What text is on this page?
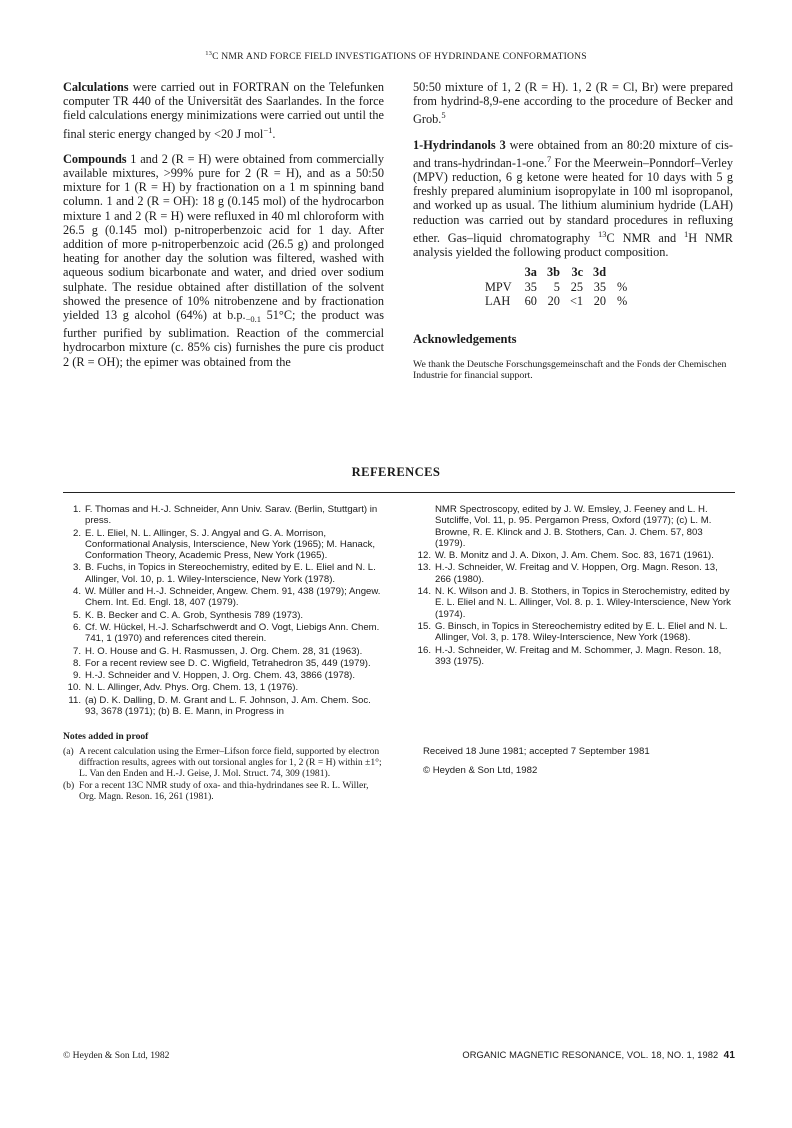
$^{13}$C NMR AND FORCE FIELD INVESTIGATIONS OF HYDRINDANE CONFORMATIONS

Calculations were carried out in FORTRAN on the Telefunken computer TR 440 of the Universität des Saarlandes. In the force field calculations energy minimizations were carried out until the final steric energy changed by <20 J mol$^{-1}$.

Compounds 1 and 2 (R = H) were obtained from commercially available mixtures, >99% pure for 2 (R = H), and as a 50:50 mixture for 1 (R = H) by fractionation on a 1 m spinning band column. 1 and 2 (R = OH): 18 g (0.145 mol) of the hydrocarbon mixture 1 and 2 (R = H) were refluxed in 40 ml chloroform with 26.5 g (0.145 mol) p-nitroperbenzoic acid for 1 day. After addition of more p-nitroperbenzoic acid (26.5 g) and prolonged heating for another day the solution was filtered, washed with aqueous sodium bicarbonate and water, and dried over sodium sulphate. The residue obtained after distillation of the solvent showed the presence of 10% nitrobenzene and by fractionation yielded 13 g alcohol (64%) at $b.p._{-0.1}$ 51°C; the product was further purified by sublimation. Reaction of the commercial hydrocarbon mixture (c. 85% cis) furnishes the pure cis product 2 (R = OH); the epimer was obtained from the

50:50 mixture of 1, 2 (R = H). 1, 2 (R = Cl, Br) were prepared from hydrind-8,9-ene according to the procedure of Becker and Grob.$^5$

1-Hydrindanols 3 were obtained from an 80:20 mixture of cis- and trans-hydrindan-1-one.$^7$ For the Meerwein–Ponndorf–Verley (MPV) reduction, 6 g ketone were heated for 10 days with 5 g freshly prepared aluminium isopropylate in 100 ml isopropanol, and worked up as usual. The lithium aluminium hydride (LAH) reduction was carried out by standard procedures in refluxing ether. Gas–liquid chromatography $^{13}$C NMR and $^1$H NMR analysis yielded the following product composition.

	3a	3b	3c	3d	
MPV	35	5	25	35	%
LAH	60	20	<1	20	%
Acknowledgements
We thank the Deutsche Forschungsgemeinschaft and the Fonds der Chemischen Industrie for financial support.
REFERENCES
1. F. Thomas and H.-J. Schneider, Ann Univ. Sarav. (Berlin, Stuttgart) in press.
2. E. L. Eliel, N. L. Allinger, S. J. Angyal and G. A. Morrison, Conformational Analysis, Interscience, New York (1965); M. Hanack, Conformation Theory, Academic Press, New York (1965).
3. B. Fuchs, in Topics in Stereochemistry, edited by E. L. Eliel and N. L. Allinger, Vol. 10, p. 1. Wiley-Interscience, New York (1978).
4. W. Müller and H.-J. Schneider, Angew. Chem. 91, 438 (1979); Angew. Chem. Int. Ed. Engl. 18, 407 (1979).
5. K. B. Becker and C. A. Grob, Synthesis 789 (1973).
6. Cf. W. Hückel, H.-J. Scharfschwerdt and O. Vogt, Liebigs Ann. Chem. 741, 1 (1970) and references cited therein.
7. H. O. House and G. H. Rasmussen, J. Org. Chem. 28, 31 (1963).
8. For a recent review see D. C. Wigfield, Tetrahedron 35, 449 (1979).
9. H.-J. Schneider and V. Hoppen, J. Org. Chem. 43, 3866 (1978).
10. N. L. Allinger, Adv. Phys. Org. Chem. 13, 1 (1976).
11. (a) D. K. Dalling, D. M. Grant and L. F. Johnson, J. Am. Chem. Soc. 93, 3678 (1971); (b) B. E. Mann, in Progress in
Notes added in proof
(a) A recent calculation using the Ermer–Lifson force field, supported by electron diffraction results, agrees with out torsional angles for 1, 2 (R = H) within ±1°; L. Van den Enden and H.-J. Geise, J. Mol. Struct. 74, 309 (1981).
(b) For a recent 13C NMR study of oxa- and thia-hydrindanes see R. L. Willer, Org. Magn. Reson. 16, 261 (1981).
NMR Spectroscopy, edited by J. W. Emsley, J. Feeney and L. H. Sutcliffe, Vol. 11, p. 95. Pergamon Press, Oxford (1977); (c) L. M. Browne, R. E. Klinck and J. B. Stothers, Can. J. Chem. 57, 803 (1979).
12. W. B. Monitz and J. A. Dixon, J. Am. Chem. Soc. 83, 1671 (1961).
13. H.-J. Schneider, W. Freitag and V. Hoppen, Org. Magn. Reson. 13, 266 (1980).
14. N. K. Wilson and J. B. Stothers, in Topics in Sterochemistry, edited by E. L. Eliel and N. L. Allinger, Vol. 8. p. 1. Wiley-Interscience, New York (1974).
15. G. Binsch, in Topics in Stereochemistry edited by E. L. Eliel and N. L. Allinger, Vol. 3, p. 178. Wiley-Interscience, New York (1968).
16. H.-J. Schneider, W. Freitag and M. Schommer, J. Magn. Reson. 18, 393 (1975).
Received 18 June 1981; accepted 7 September 1981
© Heyden & Son Ltd, 1982
© Heyden & Son Ltd, 1982	ORGANIC MAGNETIC RESONANCE, VOL. 18, NO. 1, 1982 41
